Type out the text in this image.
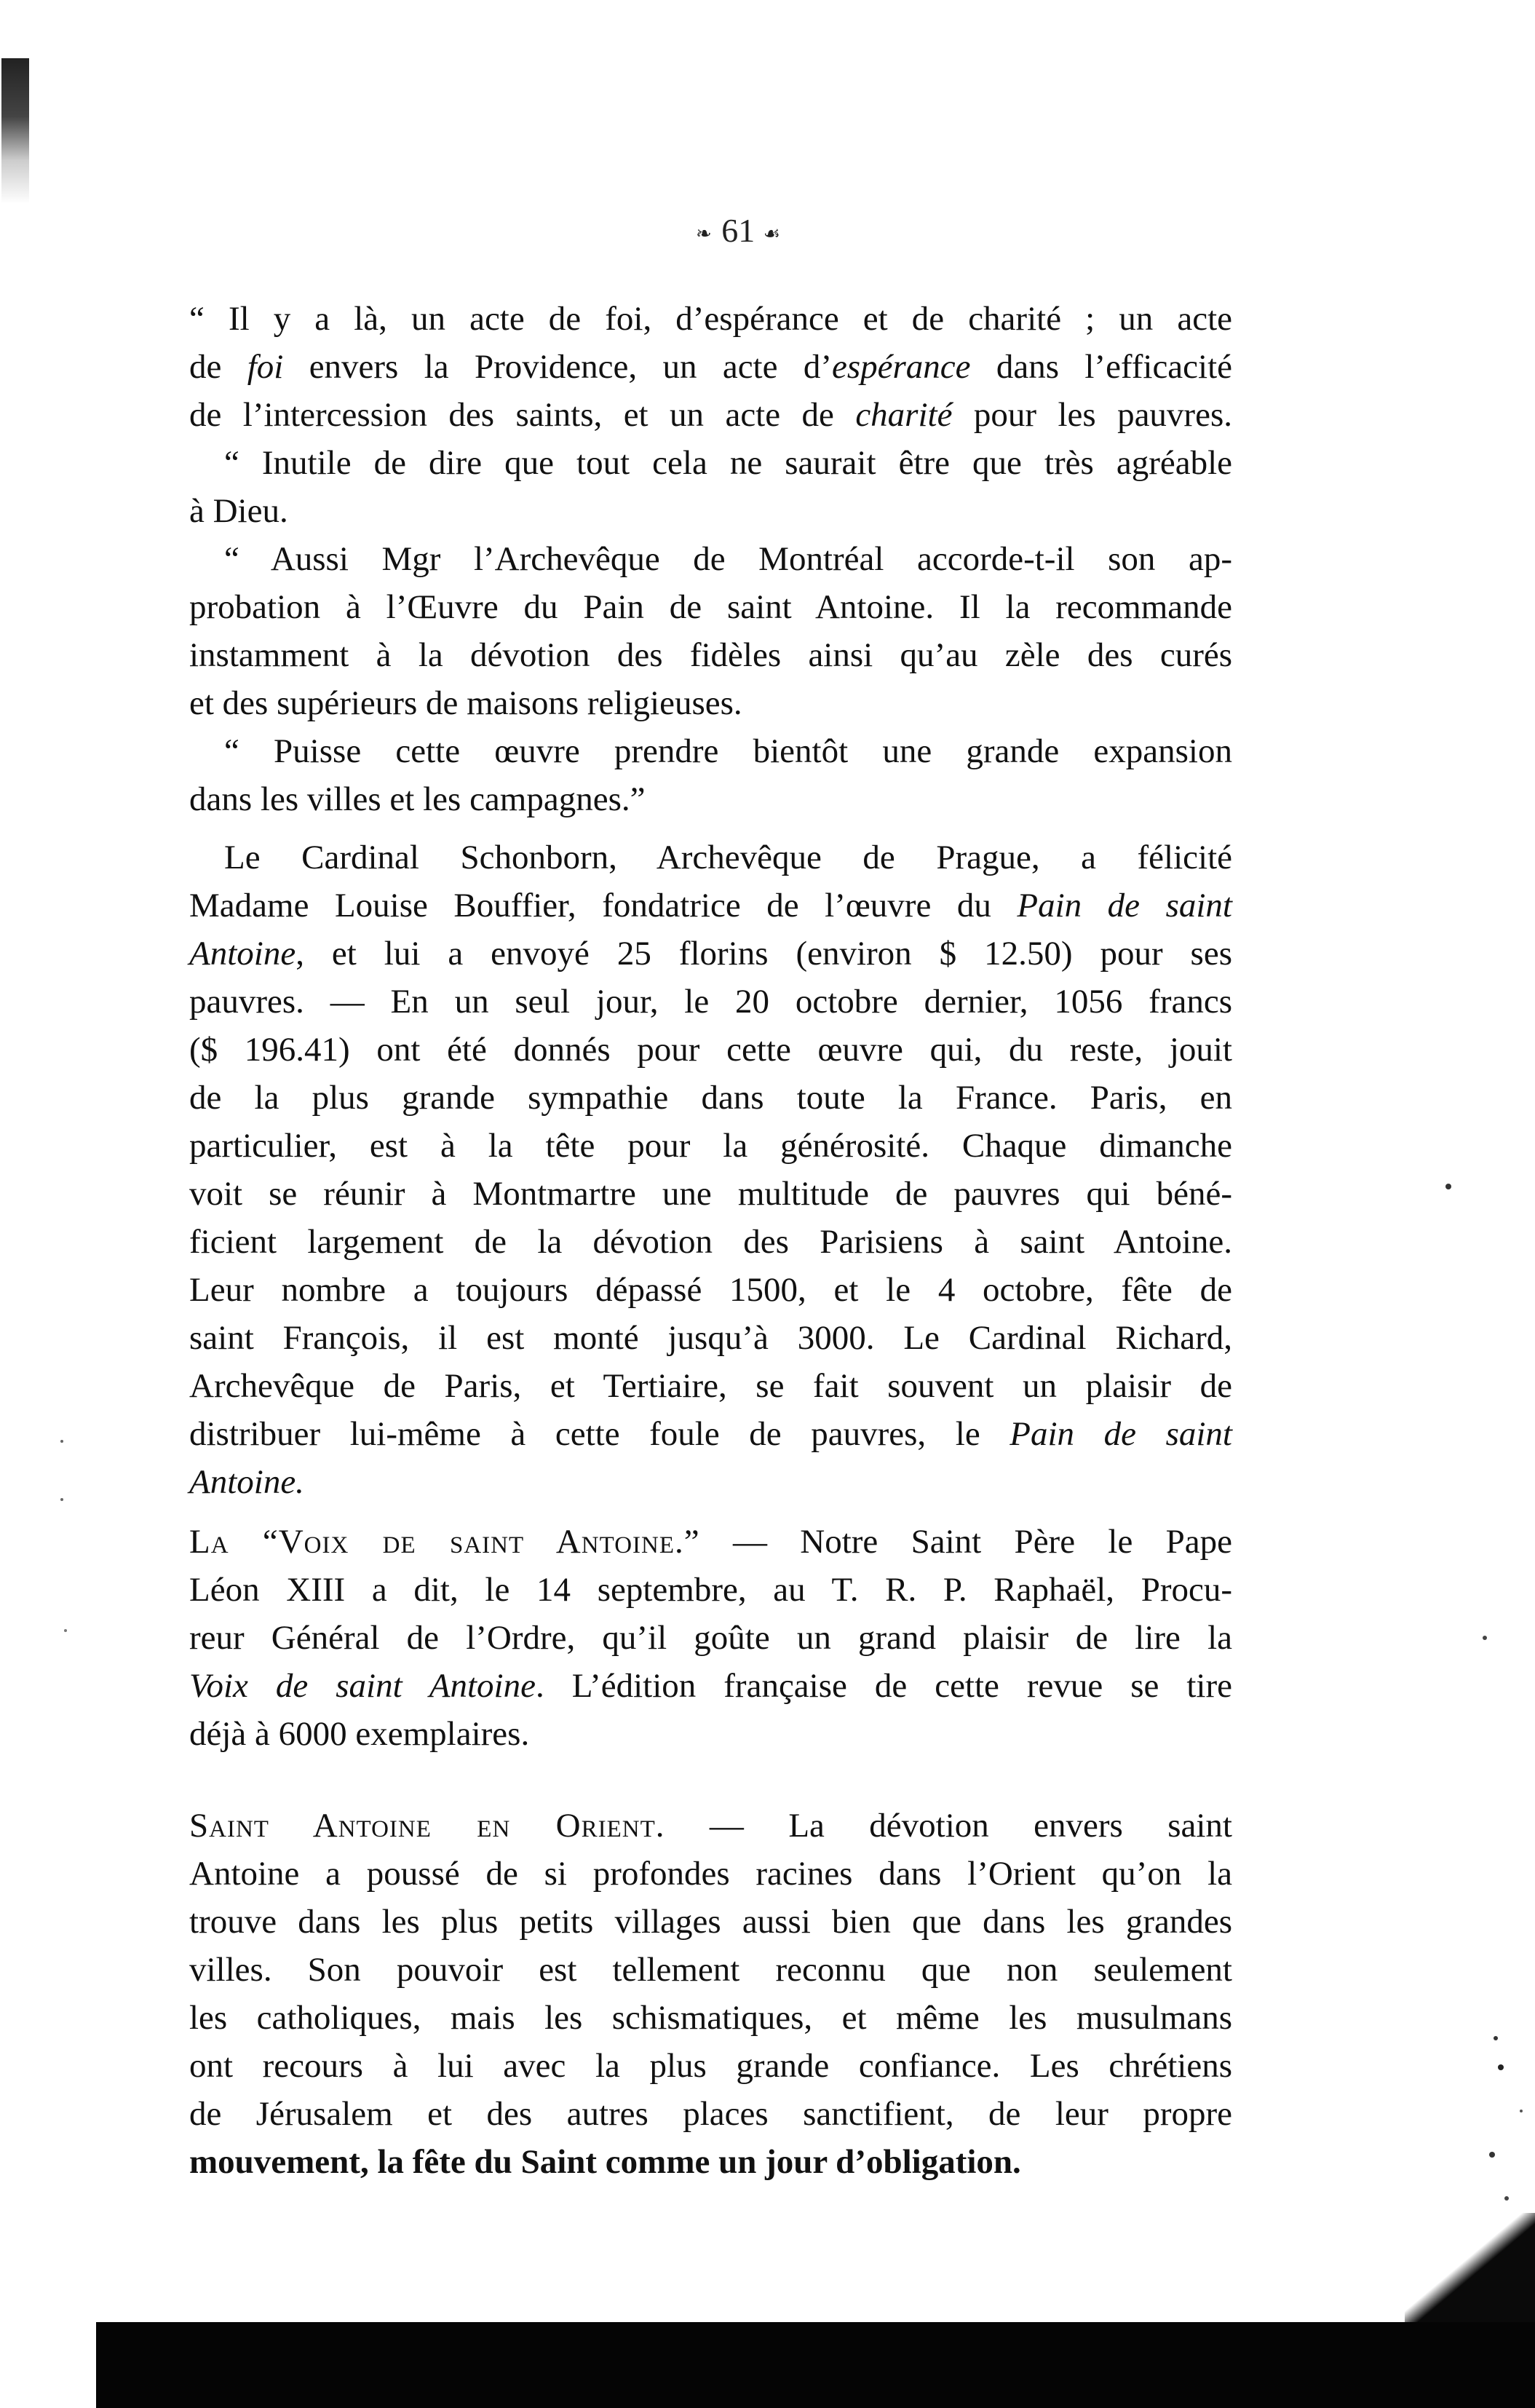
❧ 61 ☙
“ Il y a là, un acte de foi, d’espérance et de charité ; un acte
de foi envers la Providence, un acte d’espérance dans l’efficacité
de l’intercession des saints, et un acte de charité pour les pauvres.
“ Inutile de dire que tout cela ne saurait être que très agréable
à Dieu.
“ Aussi Mgr l’Archevêque de Montréal accorde-t-il son ap-
probation à l’Œuvre du Pain de saint Antoine. Il la recommande
instamment à la dévotion des fidèles ainsi qu’au zèle des curés
et des supérieurs de maisons religieuses.
“ Puisse cette œuvre prendre bientôt une grande expansion
dans les villes et les campagnes.”
Le Cardinal Schonborn, Archevêque de Prague, a félicité
Madame Louise Bouffier, fondatrice de l’œuvre du Pain de saint
Antoine, et lui a envoyé 25 florins (environ $ 12.50) pour ses
pauvres. — En un seul jour, le 20 octobre dernier, 1056 francs
($ 196.41) ont été donnés pour cette œuvre qui, du reste, jouit
de la plus grande sympathie dans toute la France. Paris, en
particulier, est à la tête pour la générosité. Chaque dimanche
voit se réunir à Montmartre une multitude de pauvres qui béné-
ficient largement de la dévotion des Parisiens à saint Antoine.
Leur nombre a toujours dépassé 1500, et le 4 octobre, fête de
saint François, il est monté jusqu’à 3000. Le Cardinal Richard,
Archevêque de Paris, et Tertiaire, se fait souvent un plaisir de
distribuer lui-même à cette foule de pauvres, le Pain de saint
Antoine.
La “Voix de saint Antoine.” — Notre Saint Père le Pape
Léon XIII a dit, le 14 septembre, au T. R. P. Raphaël, Procu-
reur Général de l’Ordre, qu’il goûte un grand plaisir de lire la
Voix de saint Antoine. L’édition française de cette revue se tire
déjà à 6000 exemplaires.
Saint Antoine en Orient. — La dévotion envers saint
Antoine a poussé de si profondes racines dans l’Orient qu’on la
trouve dans les plus petits villages aussi bien que dans les grandes
villes. Son pouvoir est tellement reconnu que non seulement
les catholiques, mais les schismatiques, et même les musulmans
ont recours à lui avec la plus grande confiance. Les chrétiens
de Jérusalem et des autres places sanctifient, de leur propre
mouvement, la fête du Saint comme un jour d’obligation.
